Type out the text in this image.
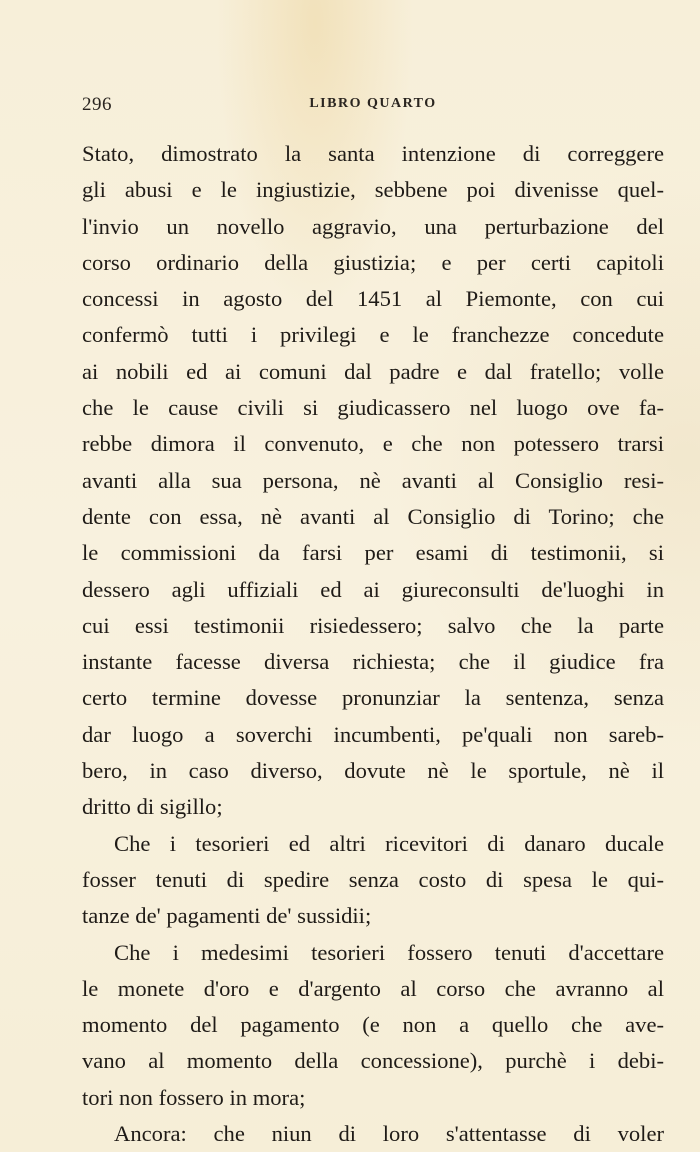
296	LIBRO QUARTO
Stato, dimostrato la santa intenzione di correggere
gli abusi e le ingiustizie, sebbene poi divenisse quel-
l'invio un novello aggravio, una perturbazione del
corso ordinario della giustizia; e per certi capitoli
concessi in agosto del 1451 al Piemonte, con cui
confermò tutti i privilegi e le franchezze concedute
ai nobili ed ai comuni dal padre e dal fratello; volle
che le cause civili si giudicassero nel luogo ove fa-
rebbe dimora il convenuto, e che non potessero trarsi
avanti alla sua persona, nè avanti al Consiglio resi-
dente con essa, nè avanti al Consiglio di Torino; che
le commissioni da farsi per esami di testimonii, si
dessero agli uffiziali ed ai giureconsulti de'luoghi in
cui essi testimonii risiedessero; salvo che la parte
instante facesse diversa richiesta; che il giudice fra
certo termine dovesse pronunziar la sentenza, senza
dar luogo a soverchi incumbenti, pe'quali non sareb-
bero, in caso diverso, dovute nè le sportule, nè il
dritto di sigillo;
Che i tesorieri ed altri ricevitori di danaro ducale
fosser tenuti di spedire senza costo di spesa le qui-
tanze de' pagamenti de' sussidii;
Che i medesimi tesorieri fossero tenuti d'accettare
le monete d'oro e d'argento al corso che avranno al
momento del pagamento (e non a quello che ave-
vano al momento della concessione), purchè i debi-
tori non fossero in mora;
Ancora: che niun di loro s'attentasse di voler
